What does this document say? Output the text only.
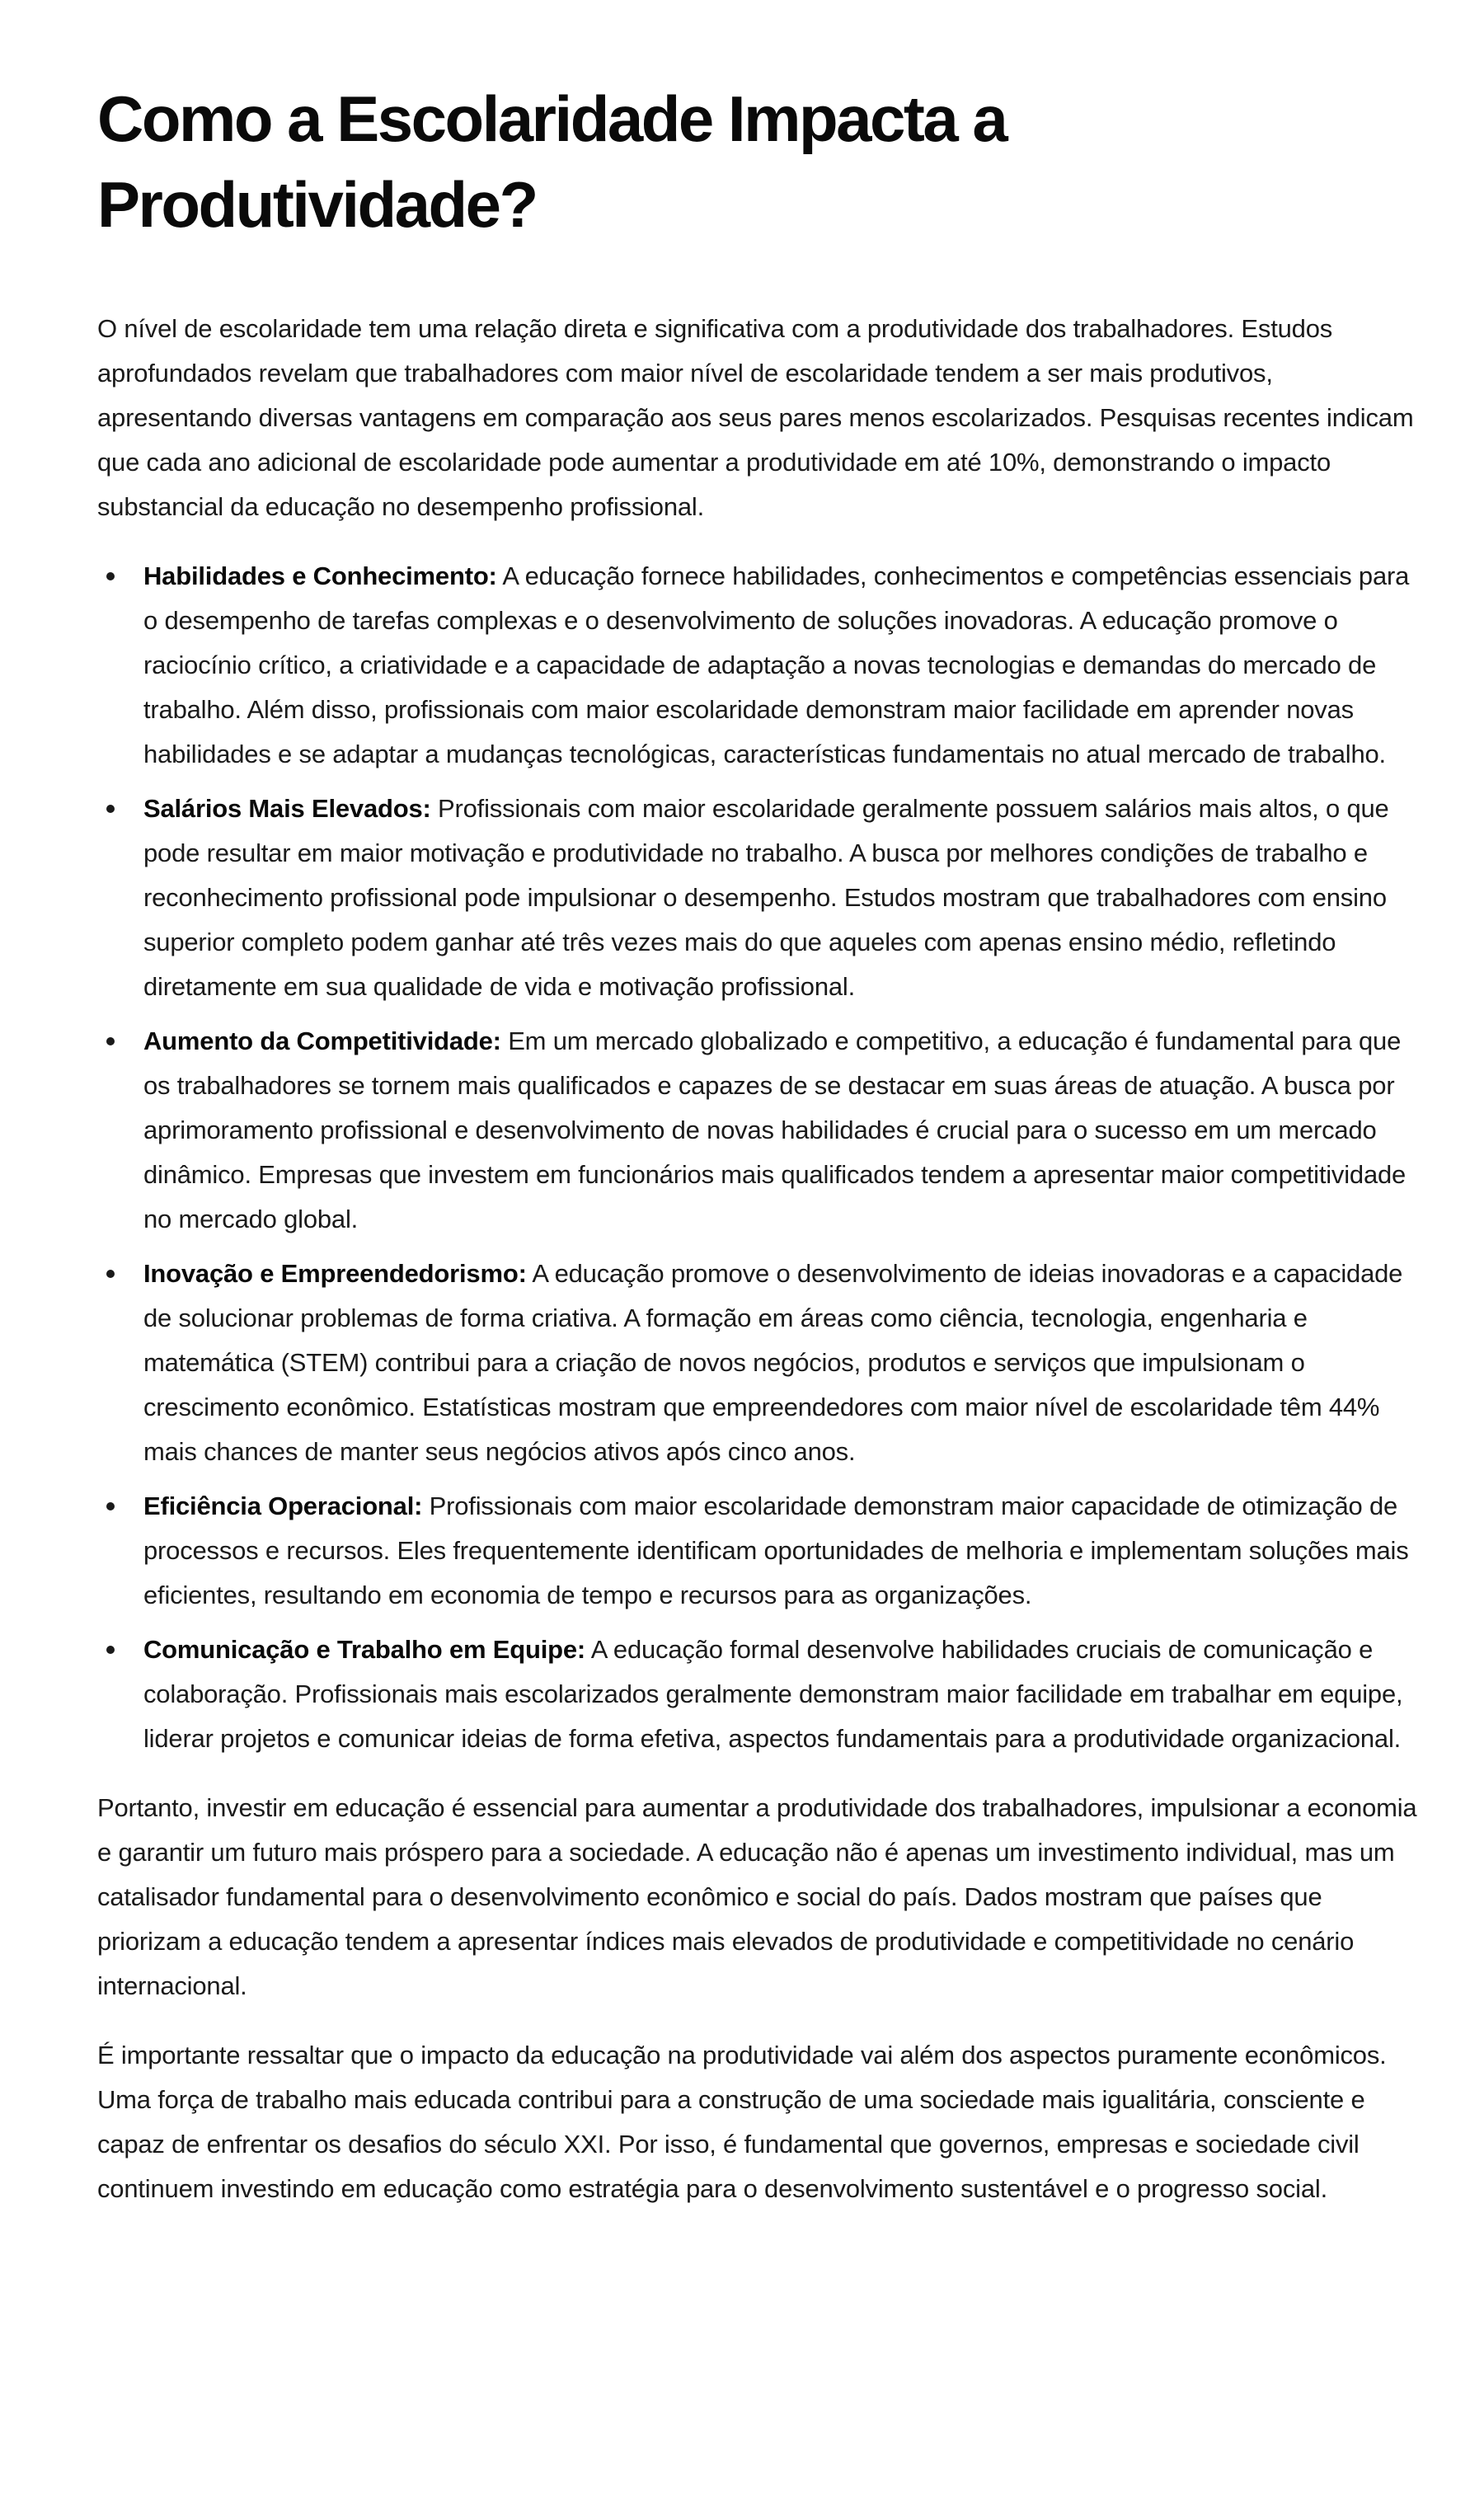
Como a Escolaridade Impacta a Produtividade?

O nível de escolaridade tem uma relação direta e significativa com a produtividade dos trabalhadores. Estudos aprofundados revelam que trabalhadores com maior nível de escolaridade tendem a ser mais produtivos, apresentando diversas vantagens em comparação aos seus pares menos escolarizados. Pesquisas recentes indicam que cada ano adicional de escolaridade pode aumentar a produtividade em até 10%, demonstrando o impacto substancial da educação no desempenho profissional.

Habilidades e Conhecimento: A educação fornece habilidades, conhecimentos e competências essenciais para o desempenho de tarefas complexas e o desenvolvimento de soluções inovadoras. A educação promove o raciocínio crítico, a criatividade e a capacidade de adaptação a novas tecnologias e demandas do mercado de trabalho. Além disso, profissionais com maior escolaridade demonstram maior facilidade em aprender novas habilidades e se adaptar a mudanças tecnológicas, características fundamentais no atual mercado de trabalho.
Salários Mais Elevados: Profissionais com maior escolaridade geralmente possuem salários mais altos, o que pode resultar em maior motivação e produtividade no trabalho. A busca por melhores condições de trabalho e reconhecimento profissional pode impulsionar o desempenho. Estudos mostram que trabalhadores com ensino superior completo podem ganhar até três vezes mais do que aqueles com apenas ensino médio, refletindo diretamente em sua qualidade de vida e motivação profissional.
Aumento da Competitividade: Em um mercado globalizado e competitivo, a educação é fundamental para que os trabalhadores se tornem mais qualificados e capazes de se destacar em suas áreas de atuação. A busca por aprimoramento profissional e desenvolvimento de novas habilidades é crucial para o sucesso em um mercado dinâmico. Empresas que investem em funcionários mais qualificados tendem a apresentar maior competitividade no mercado global.
Inovação e Empreendedorismo: A educação promove o desenvolvimento de ideias inovadoras e a capacidade de solucionar problemas de forma criativa. A formação em áreas como ciência, tecnologia, engenharia e matemática (STEM) contribui para a criação de novos negócios, produtos e serviços que impulsionam o crescimento econômico. Estatísticas mostram que empreendedores com maior nível de escolaridade têm 44% mais chances de manter seus negócios ativos após cinco anos.
Eficiência Operacional: Profissionais com maior escolaridade demonstram maior capacidade de otimização de processos e recursos. Eles frequentemente identificam oportunidades de melhoria e implementam soluções mais eficientes, resultando em economia de tempo e recursos para as organizações.
Comunicação e Trabalho em Equipe: A educação formal desenvolve habilidades cruciais de comunicação e colaboração. Profissionais mais escolarizados geralmente demonstram maior facilidade em trabalhar em equipe, liderar projetos e comunicar ideias de forma efetiva, aspectos fundamentais para a produtividade organizacional.

Portanto, investir em educação é essencial para aumentar a produtividade dos trabalhadores, impulsionar a economia e garantir um futuro mais próspero para a sociedade. A educação não é apenas um investimento individual, mas um catalisador fundamental para o desenvolvimento econômico e social do país. Dados mostram que países que priorizam a educação tendem a apresentar índices mais elevados de produtividade e competitividade no cenário internacional.

É importante ressaltar que o impacto da educação na produtividade vai além dos aspectos puramente econômicos. Uma força de trabalho mais educada contribui para a construção de uma sociedade mais igualitária, consciente e capaz de enfrentar os desafios do século XXI. Por isso, é fundamental que governos, empresas e sociedade civil continuem investindo em educação como estratégia para o desenvolvimento sustentável e o progresso social.
